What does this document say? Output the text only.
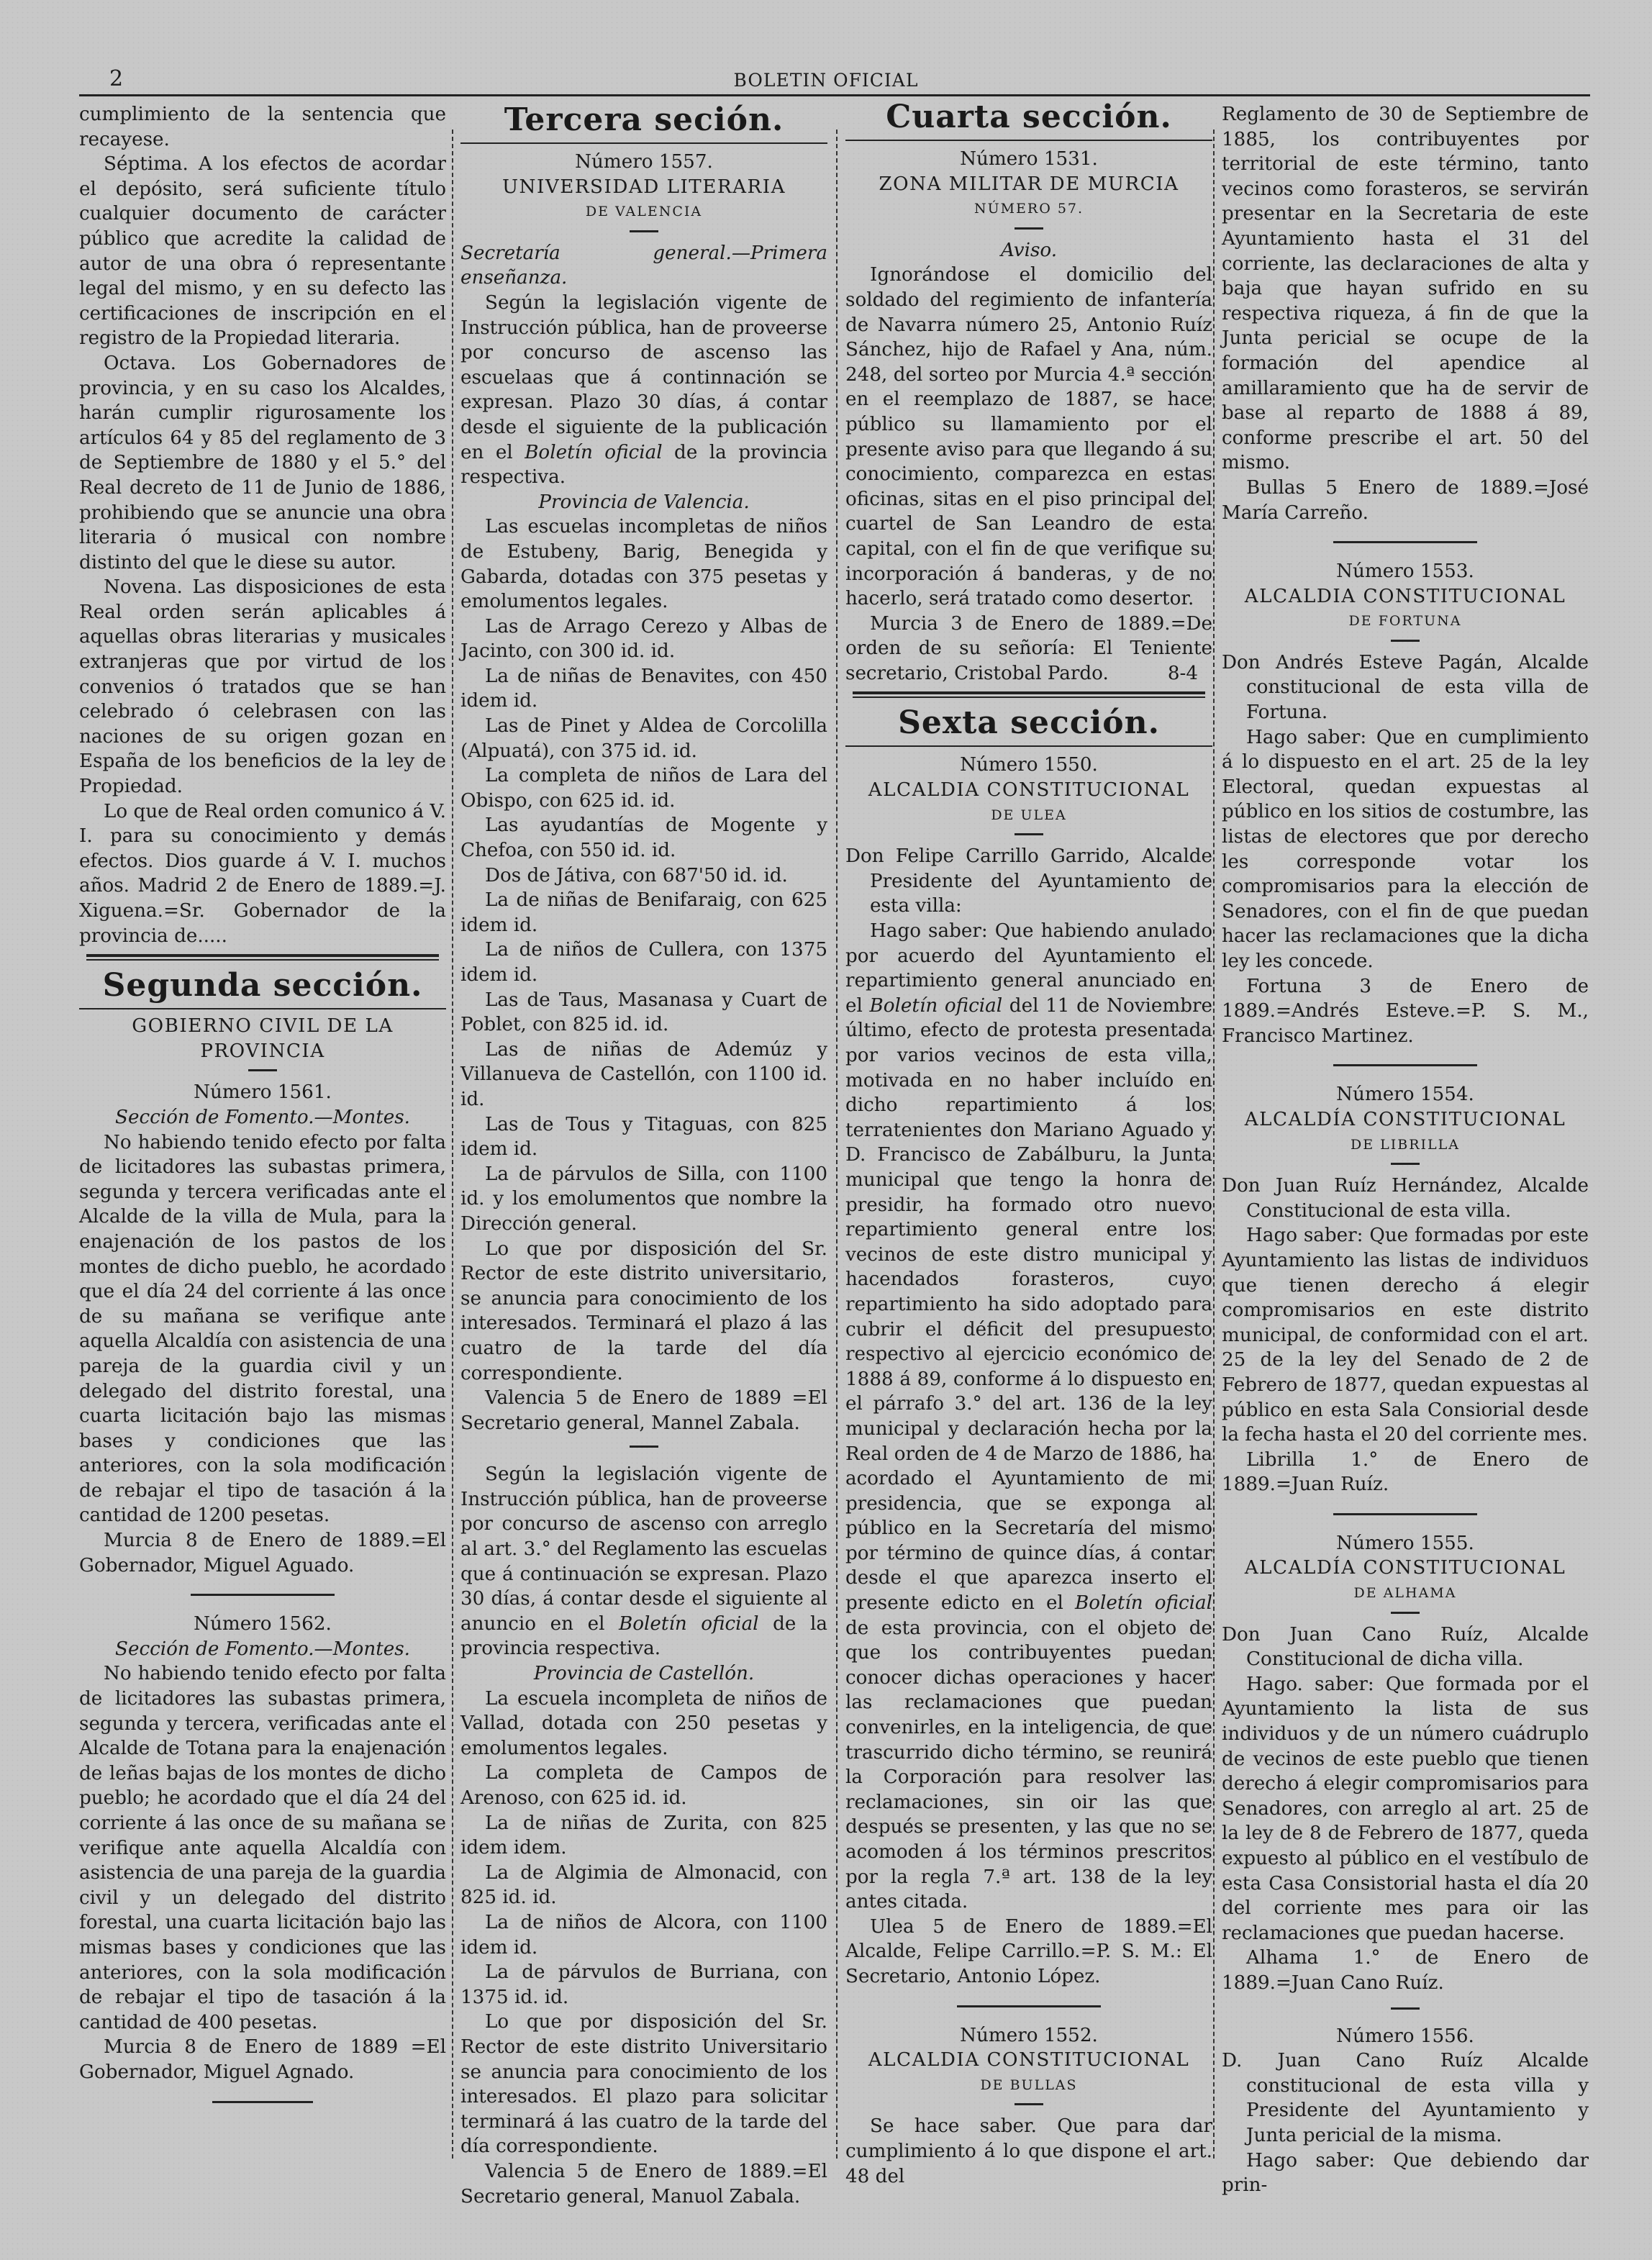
2	BOLETIN OFICIAL

cumplimiento de la sentencia que recayese.

Séptima. A los efectos de acordar el depósito, será suficiente título cualquier documento de carácter público que acredite la calidad de autor de una obra ó representante legal del mismo, y en su defecto las certificaciones de inscripción en el registro de la Propiedad literaria.

Octava. Los Gobernadores de provincia, y en su caso los Alcaldes, harán cumplir rigurosamente los artículos 64 y 85 del reglamento de 3 de Septiembre de 1880 y el 5.° del Real decreto de 11 de Junio de 1886, prohibiendo que se anuncie una obra literaria ó musical con nombre distinto del que le diese su autor.

Novena. Las disposiciones de esta Real orden serán aplicables á aquellas obras literarias y musicales extranjeras que por virtud de los convenios ó tratados que se han celebrado ó celebrasen con las naciones de su origen gozan en España de los beneficios de la ley de Propiedad.

Lo que de Real orden comunico á V. I. para su conocimiento y demás efectos. Dios guarde á V. I. muchos años. Madrid 2 de Enero de 1889.=J. Xiguena.=Sr. Gobernador de la provincia de.....

Segunda sección.
GOBIERNO CIVIL DE LA PROVINCIA
Número 1561.
Sección de Fomento.—Montes.

No habiendo tenido efecto por falta de licitadores las subastas primera, segunda y tercera verificadas ante el Alcalde de la villa de Mula, para la enajenación de los pastos de los montes de dicho pueblo, he acordado que el día 24 del corriente á las once de su mañana se verifique ante aquella Alcaldía con asistencia de una pareja de la guardia civil y un delegado del distrito forestal, una cuarta licitación bajo las mismas bases y condiciones que las anteriores, con la sola modificación de rebajar el tipo de tasación á la cantidad de 1200 pesetas.

Murcia 8 de Enero de 1889.=El Gobernador, Miguel Aguado.

Número 1562.
Sección de Fomento.—Montes.

No habiendo tenido efecto por falta de licitadores las subastas primera, segunda y tercera, verificadas ante el Alcalde de Totana para la enajenación de leñas bajas de los montes de dicho pueblo; he acordado que el día 24 del corriente á las once de su mañana se verifique ante aquella Alcaldía con asistencia de una pareja de la guardia civil y un delegado del distrito forestal, una cuarta licitación bajo las mismas bases y condiciones que las anteriores, con la sola modificación de rebajar el tipo de tasación á la cantidad de 400 pesetas.

Murcia 8 de Enero de 1889 =El Gobernador, Miguel Agnado.

Tercera seción.
Número 1557.
UNIVERSIDAD LITERARIA
DE VALENCIA

Secretaría general.—Primera enseñanza.

Según la legislación vigente de Instrucción pública, han de proveerse por concurso de ascenso las escuelaas que á continnación se expresan. Plazo 30 días, á contar desde el siguiente de la publicación en el Boletín oficial de la provincia respectiva.

Provincia de Valencia.

Las escuelas incompletas de niños de Estubeny, Barig, Benegida y Gabarda, dotadas con 375 pesetas y emolumentos legales.

Las de Arrago Cerezo y Albas de Jacinto, con 300 id. id.

La de niñas de Benavites, con 450 idem id.

Las de Pinet y Aldea de Corcolilla (Alpuatá), con 375 id. id.

La completa de niños de Lara del Obispo, con 625 id. id.

Las ayudantías de Mogente y Chefoa, con 550 id. id.

Dos de Játiva, con 687'50 id. id.

La de niñas de Benifaraig, con 625 idem id.

La de niños de Cullera, con 1375 idem id.

Las de Taus, Masanasa y Cuart de Poblet, con 825 id. id.

Las de niñas de Ademúz y Villanueva de Castellón, con 1100 id. id.

Las de Tous y Titaguas, con 825 idem id.

La de párvulos de Silla, con 1100 id. y los emolumentos que nombre la Dirección general.

Lo que por disposición del Sr. Rector de este distrito universitario, se anuncia para conocimiento de los interesados. Terminará el plazo á las cuatro de la tarde del día correspondiente.

Valencia 5 de Enero de 1889 =El Secretario general, Mannel Zabala.

Según la legislación vigente de Instrucción pública, han de proveerse por concurso de ascenso con arreglo al art. 3.° del Reglamento las escuelas que á continuación se expresan. Plazo 30 días, á contar desde el siguiente al anuncio en el Boletín oficial de la provincia respectiva.

Provincia de Castellón.

La escuela incompleta de niños de Vallad, dotada con 250 pesetas y emolumentos legales.

La completa de Campos de Arenoso, con 625 id. id.

La de niñas de Zurita, con 825 idem idem.

La de Algimia de Almonacid, con 825 id. id.

La de niños de Alcora, con 1100 idem id.

La de párvulos de Burriana, con 1375 id. id.

Lo que por disposición del Sr. Rector de este distrito Universitario se anuncia para conocimiento de los interesados. El plazo para solicitar terminará á las cuatro de la tarde del día correspondiente.

Valencia 5 de Enero de 1889.=El Secretario general, Manuol Zabala.

Cuarta sección.
Número 1531.
ZONA MILITAR DE MURCIA
NÚMERO 57.
Aviso.

Ignorándose el domicilio del soldado del regimiento de infantería de Navarra número 25, Antonio Ruíz Sánchez, hijo de Rafael y Ana, núm. 248, del sorteo por Murcia 4.ª sección en el reemplazo de 1887, se hace público su llamamiento por el presente aviso para que llegando á su conocimiento, comparezca en estas oficinas, sitas en el piso principal del cuartel de San Leandro de esta capital, con el fin de que verifique su incorporación á banderas, y de no hacerlo, será tratado como desertor.

Murcia 3 de Enero de 1889.=De orden de su señoría: El Teniente secretario, Cristobal Pardo.	8-4

Sexta sección.
Número 1550.
ALCALDIA CONSTITUCIONAL
DE ULEA

Don Felipe Carrillo Garrido, Alcalde Presidente del Ayuntamiento de esta villa:

Hago saber: Que habiendo anulado por acuerdo del Ayuntamiento el repartimiento general anunciado en el Boletín oficial del 11 de Noviembre último, efecto de protesta presentada por varios vecinos de esta villa, motivada en no haber incluído en dicho repartimiento á los terratenientes don Mariano Aguado y D. Francisco de Zabálburu, la Junta municipal que tengo la honra de presidir, ha formado otro nuevo repartimiento general entre los vecinos de este distro municipal y hacendados forasteros, cuyo repartimiento ha sido adoptado para cubrir el déficit del presupuesto respectivo al ejercicio económico de 1888 á 89, conforme á lo dispuesto en el párrafo 3.° del art. 136 de la ley municipal y declaración hecha por la Real orden de 4 de Marzo de 1886, ha acordado el Ayuntamiento de mi presidencia, que se exponga al público en la Secretaría del mismo por término de quince días, á contar desde el que aparezca inserto el presente edicto en el Boletín oficial de esta provincia, con el objeto de que los contribuyentes puedan conocer dichas operaciones y hacer las reclamaciones que puedan convenirles, en la inteligencia, de que trascurrido dicho término, se reunirá la Corporación para resolver las reclamaciones, sin oir las que después se presenten, y las que no se acomoden á los términos prescritos por la regla 7.ª art. 138 de la ley antes citada.

Ulea 5 de Enero de 1889.=El Alcalde, Felipe Carrillo.=P. S. M.: El Secretario, Antonio López.

Número 1552.
ALCALDIA CONSTITUCIONAL
DE BULLAS

Se hace saber. Que para dar cumplimiento á lo que dispone el art. 48 del

Reglamento de 30 de Septiembre de 1885, los contribuyentes por territorial de este término, tanto vecinos como forasteros, se servirán presentar en la Secretaria de este Ayuntamiento hasta el 31 del corriente, las declaraciones de alta y baja que hayan sufrido en su respectiva riqueza, á fin de que la Junta pericial se ocupe de la formación del apendice al amillaramiento que ha de servir de base al reparto de 1888 á 89, conforme prescribe el art. 50 del mismo.

Bullas 5 Enero de 1889.=José María Carreño.

Número 1553.
ALCALDIA CONSTITUCIONAL
DE FORTUNA

Don Andrés Esteve Pagán, Alcalde constitucional de esta villa de Fortuna.

Hago saber: Que en cumplimiento á lo dispuesto en el art. 25 de la ley Electoral, quedan expuestas al público en los sitios de costumbre, las listas de electores que por derecho les corresponde votar los compromisarios para la elección de Senadores, con el fin de que puedan hacer las reclamaciones que la dicha ley les concede.

Fortuna 3 de Enero de 1889.=Andrés Esteve.=P. S. M., Francisco Martinez.

Número 1554.
ALCALDÍA CONSTITUCIONAL
DE LIBRILLA

Don Juan Ruíz Hernández, Alcalde Constitucional de esta villa.

Hago saber: Que formadas por este Ayuntamiento las listas de individuos que tienen derecho á elegir compromisarios en este distrito municipal, de conformidad con el art. 25 de la ley del Senado de 2 de Febrero de 1877, quedan expuestas al público en esta Sala Consiorial desde la fecha hasta el 20 del corriente mes.

Librilla 1.° de Enero de 1889.=Juan Ruíz.

Número 1555.
ALCALDÍA CONSTITUCIONAL
DE ALHAMA

Don Juan Cano Ruíz, Alcalde Constitucional de dicha villa.

Hago. saber: Que formada por el Ayuntamiento la lista de sus individuos y de un número cuádruplo de vecinos de este pueblo que tienen derecho á elegir compromisarios para Senadores, con arreglo al art. 25 de la ley de 8 de Febrero de 1877, queda expuesto al público en el vestíbulo de esta Casa Consistorial hasta el día 20 del corriente mes para oir las reclamaciones que puedan hacerse.

Alhama 1.° de Enero de 1889.=Juan Cano Ruíz.

Número 1556.

D. Juan Cano Ruíz Alcalde constitucional de esta villa y Presidente del Ayuntamiento y Junta pericial de la misma.

Hago saber: Que debiendo dar prin-
